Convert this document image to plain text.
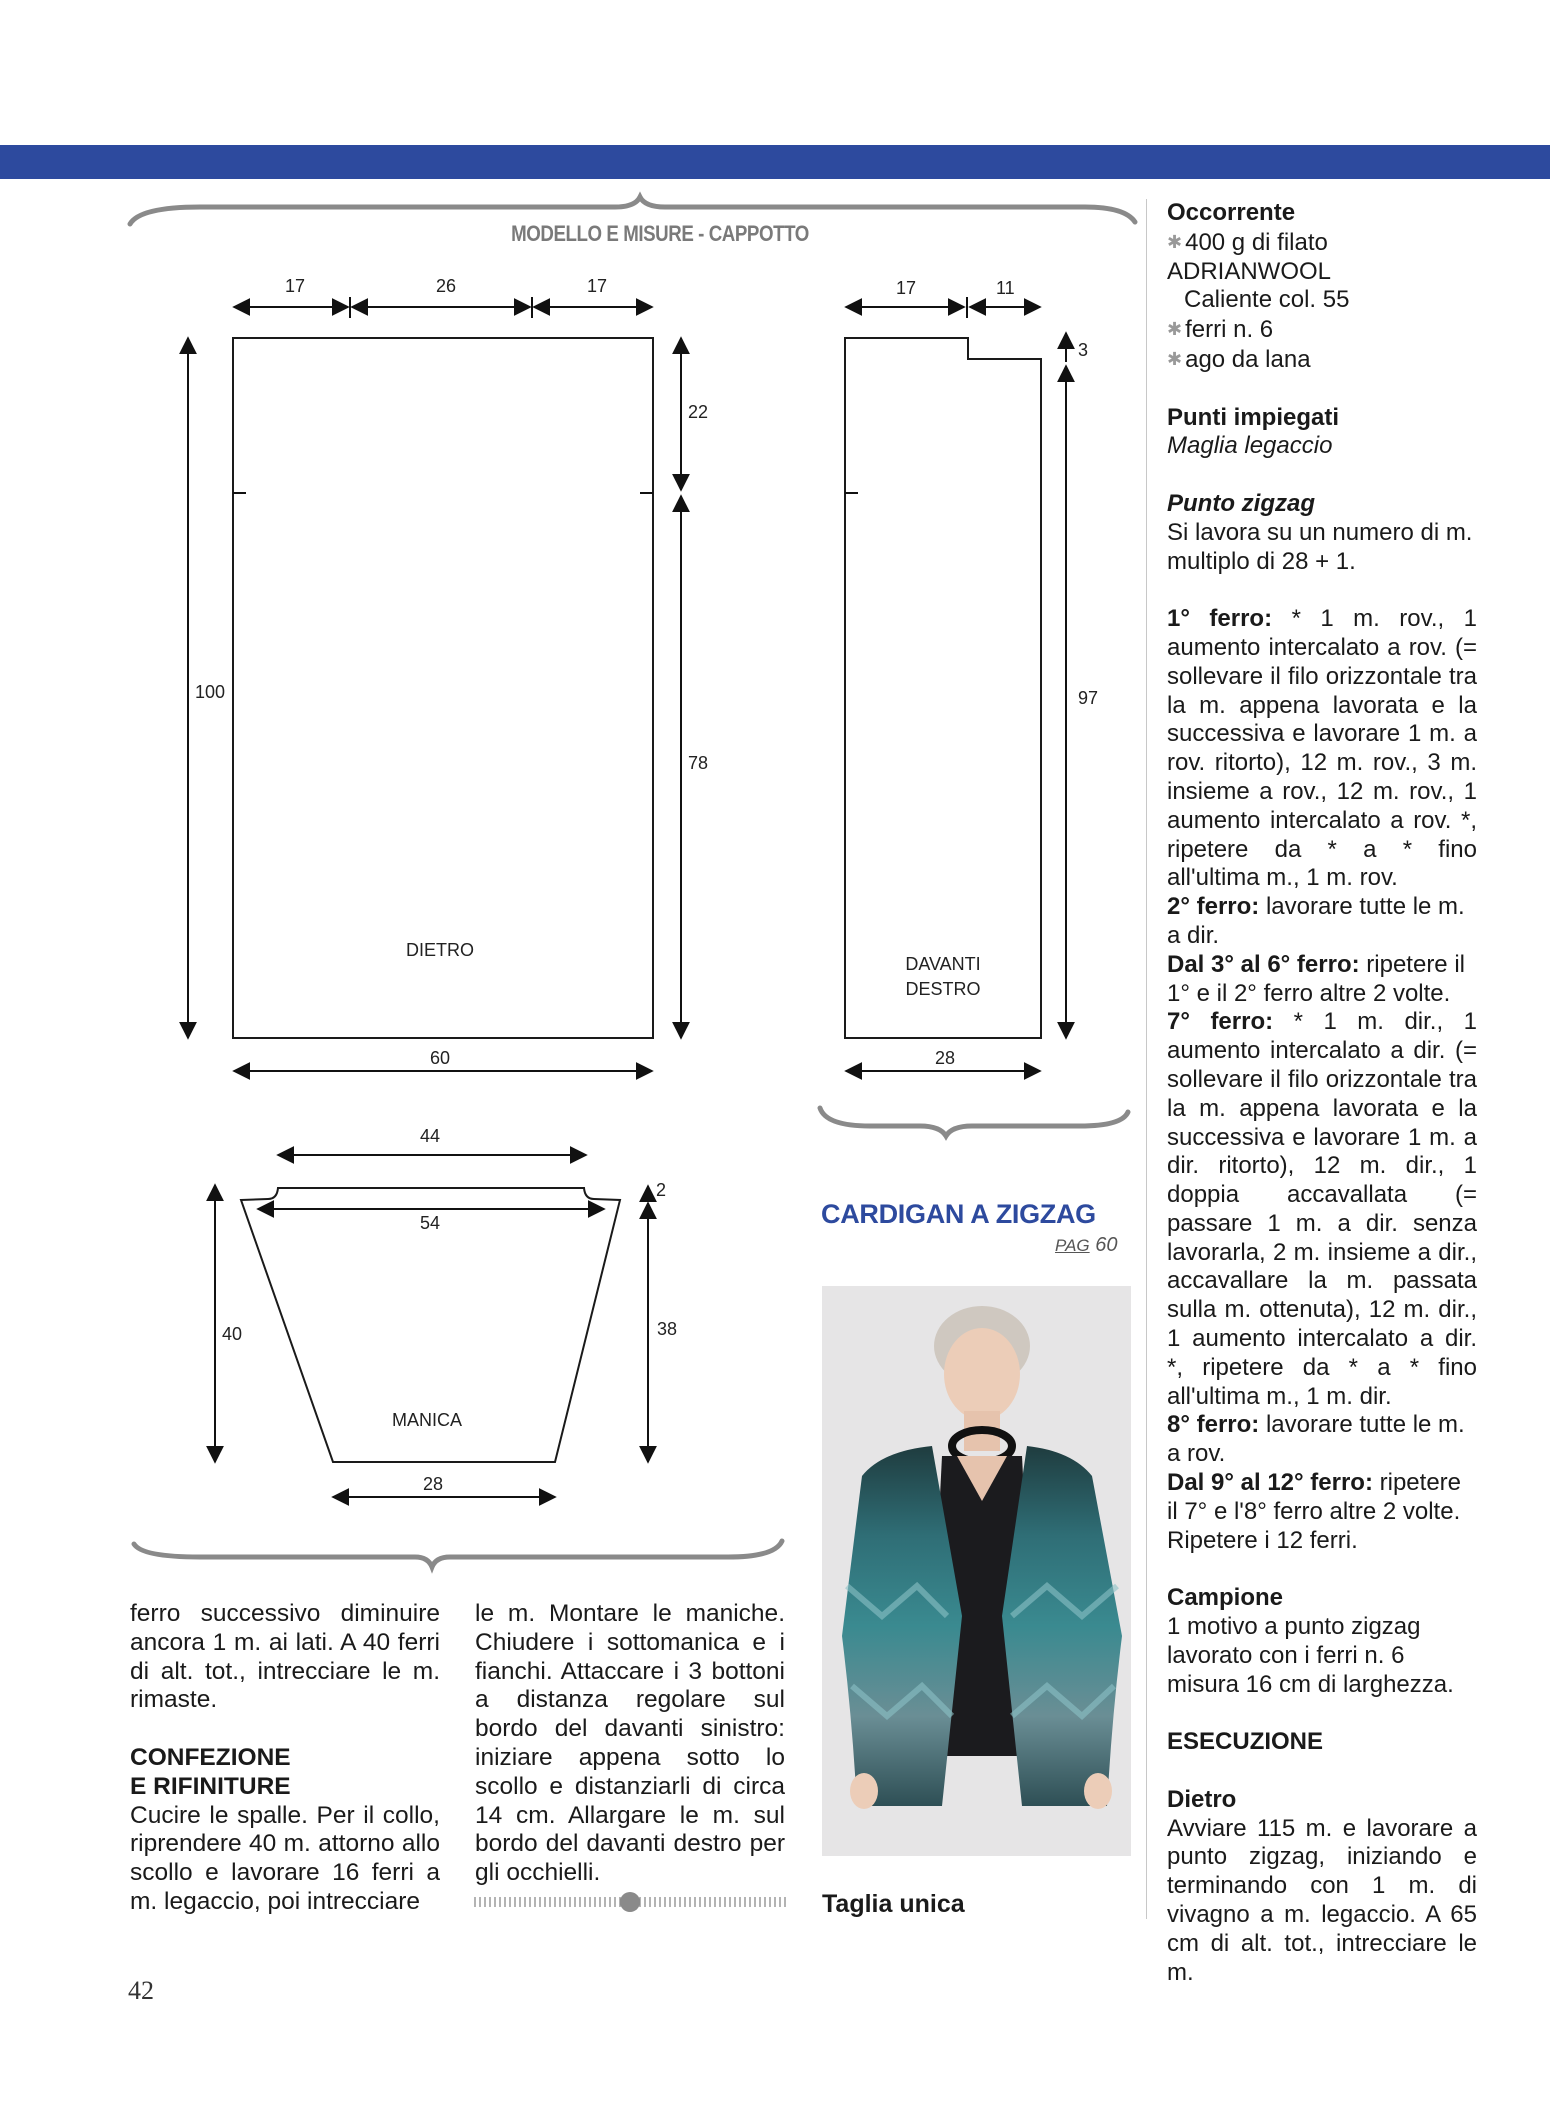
MODELLO E MISURE - CAPPOTTO
17	26	17
22
78
100
60
DIETRO
17	11
3
97
28
DAVANTI
DESTRO
44
54
2
40	38
28
MANICA

ferro successivo diminuire ancora 1 m. ai lati. A 40 ferri di alt. tot., intrecciare le m. rimaste.

CONFEZIONE

E RIFINITURE

Cucire le spalle. Per il collo, riprendere 40 m. attorno allo scollo e lavorare 16 ferri a m. legaccio, poi intrecciare

le m. Montare le maniche. Chiudere i sottomanica e i fianchi. Attaccare i 3 bottoni a distanza regolare sul bordo del davanti sinistro: iniziare appena sotto lo scollo e distanziarli di circa 14 cm. Allargare le m. sul bordo del davanti destro per gli occhielli.

CARDIGAN A ZIGZAG
PAG 60
Taglia unica

Occorrente

✱ 400 g di filato ADRIANWOOL

Caliente col. 55

✱ ferri n. 6

✱ ago da lana

Punti impiegati

Maglia legaccio

Punto zigzag

Si lavora su un numero di m. multiplo di 28 + 1.

1° ferro: * 1 m. rov., 1 aumento intercalato a rov. (= sollevare il filo orizzontale tra la m. appena lavorata e la successiva e lavorare 1 m. a rov. ritorto), 12 m. rov., 3 m. insieme a rov., 12 m. rov., 1 aumento intercalato a rov. *, ripetere da * a * fino all'ultima m., 1 m. rov.

2° ferro: lavorare tutte le m. a dir.

Dal 3° al 6° ferro: ripetere il 1° e il 2° ferro altre 2 volte.

7° ferro: * 1 m. dir., 1 aumento intercalato a dir. (= sollevare il filo orizzontale tra la m. appena lavorata e la successiva e lavorare 1 m. a dir. ritorto), 12 m. dir., 1 doppia accavallata (= passare 1 m. a dir. senza lavorarla, 2 m. insieme a dir., accavallare la m. passata sulla m. ottenuta), 12 m. dir., 1 aumento intercalato a dir. *, ripetere da * a * fino all'ultima m., 1 m. dir.

8° ferro: lavorare tutte le m. a rov.

Dal 9° al 12° ferro: ripetere il 7° e l'8° ferro altre 2 volte.

Ripetere i 12 ferri.

Campione

1 motivo a punto zigzag lavorato con i ferri n. 6 misura 16 cm di larghezza.

ESECUZIONE

Dietro

Avviare 115 m. e lavorare a punto zigzag, iniziando e terminando con 1 m. di vivagno a m. legaccio. A 65 cm di alt. tot., intrecciare le m.

42
